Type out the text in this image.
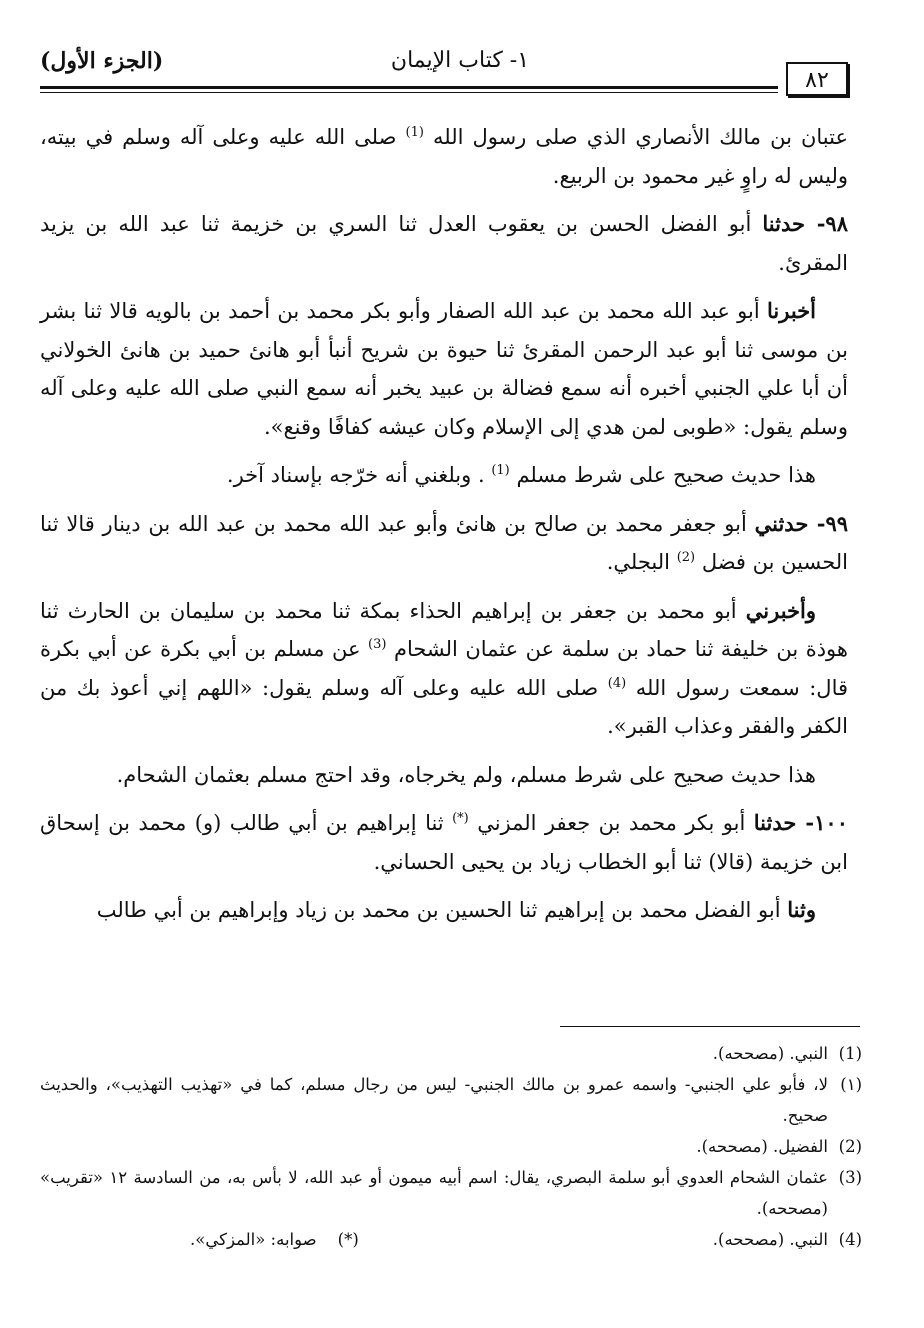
(الجزء الأول)	١- كتاب الإيمان
٨٢

عتبان بن مالك الأنصاري الذي صلى رسول الله $^{(1)}$ صلى الله عليه وعلى آله وسلم في بيته، وليس له راوٍ غير محمود بن الربيع.

٩٨- حدثنا أبو الفضل الحسن بن يعقوب العدل ثنا السري بن خزيمة ثنا عبد الله بن يزيد المقرئ.

أخبرنا أبو عبد الله محمد بن عبد الله الصفار وأبو بكر محمد بن أحمد بن بالويه قالا ثنا بشر بن موسى ثنا أبو عبد الرحمن المقرئ ثنا حيوة بن شريح أنبأ أبو هانئ حميد بن هانئ الخولاني أن أبا علي الجنبي أخبره أنه سمع فضالة بن عبيد يخبر أنه سمع النبي صلى الله عليه وعلى آله وسلم يقول: «طوبى لمن هدي إلى الإسلام وكان عيشه كفافًا وقنع».

هذا حديث صحيح على شرط مسلم $^{(1)}$ . وبلغني أنه خرّجه بإسناد آخر.

٩٩- حدثني أبو جعفر محمد بن صالح بن هانئ وأبو عبد الله محمد بن عبد الله بن دينار قالا ثنا الحسين بن فضل $^{(2)}$ البجلي.

وأخبرني أبو محمد بن جعفر بن إبراهيم الحذاء بمكة ثنا محمد بن سليمان بن الحارث ثنا هوذة بن خليفة ثنا حماد بن سلمة عن عثمان الشحام $^{(3)}$ عن مسلم بن أبي بكرة عن أبي بكرة قال: سمعت رسول الله $^{(4)}$ صلى الله عليه وعلى آله وسلم يقول: «اللهم إني أعوذ بك من الكفر والفقر وعذاب القبر».

هذا حديث صحيح على شرط مسلم، ولم يخرجاه، وقد احتج مسلم بعثمان الشحام.

١٠٠- حدثنا أبو بكر محمد بن جعفر المزني (*) ثنا إبراهيم بن أبي طالب (و) محمد بن إسحاق ابن خزيمة (قالا) ثنا أبو الخطاب زياد بن يحيى الحساني.

وثنا أبو الفضل محمد بن إبراهيم ثنا الحسين بن محمد بن زياد وإبراهيم بن أبي طالب

(1)
النبي. (مصححه).
(١)
لا، فأبو علي الجنبي- واسمه عمرو بن مالك الجنبي- ليس من رجال مسلم، كما في «تهذيب التهذيب»، والحديث صحيح.
(2)
الفضيل. (مصححه).
(3)
عثمان الشحام العدوي أبو سلمة البصري، يقال: اسم أبيه ميمون أو عبد الله، لا بأس به، من السادسة ١٢ «تقريب» (مصححه).
(4)
النبي. (مصححه).
(*)    صوابه: «المزكي».
